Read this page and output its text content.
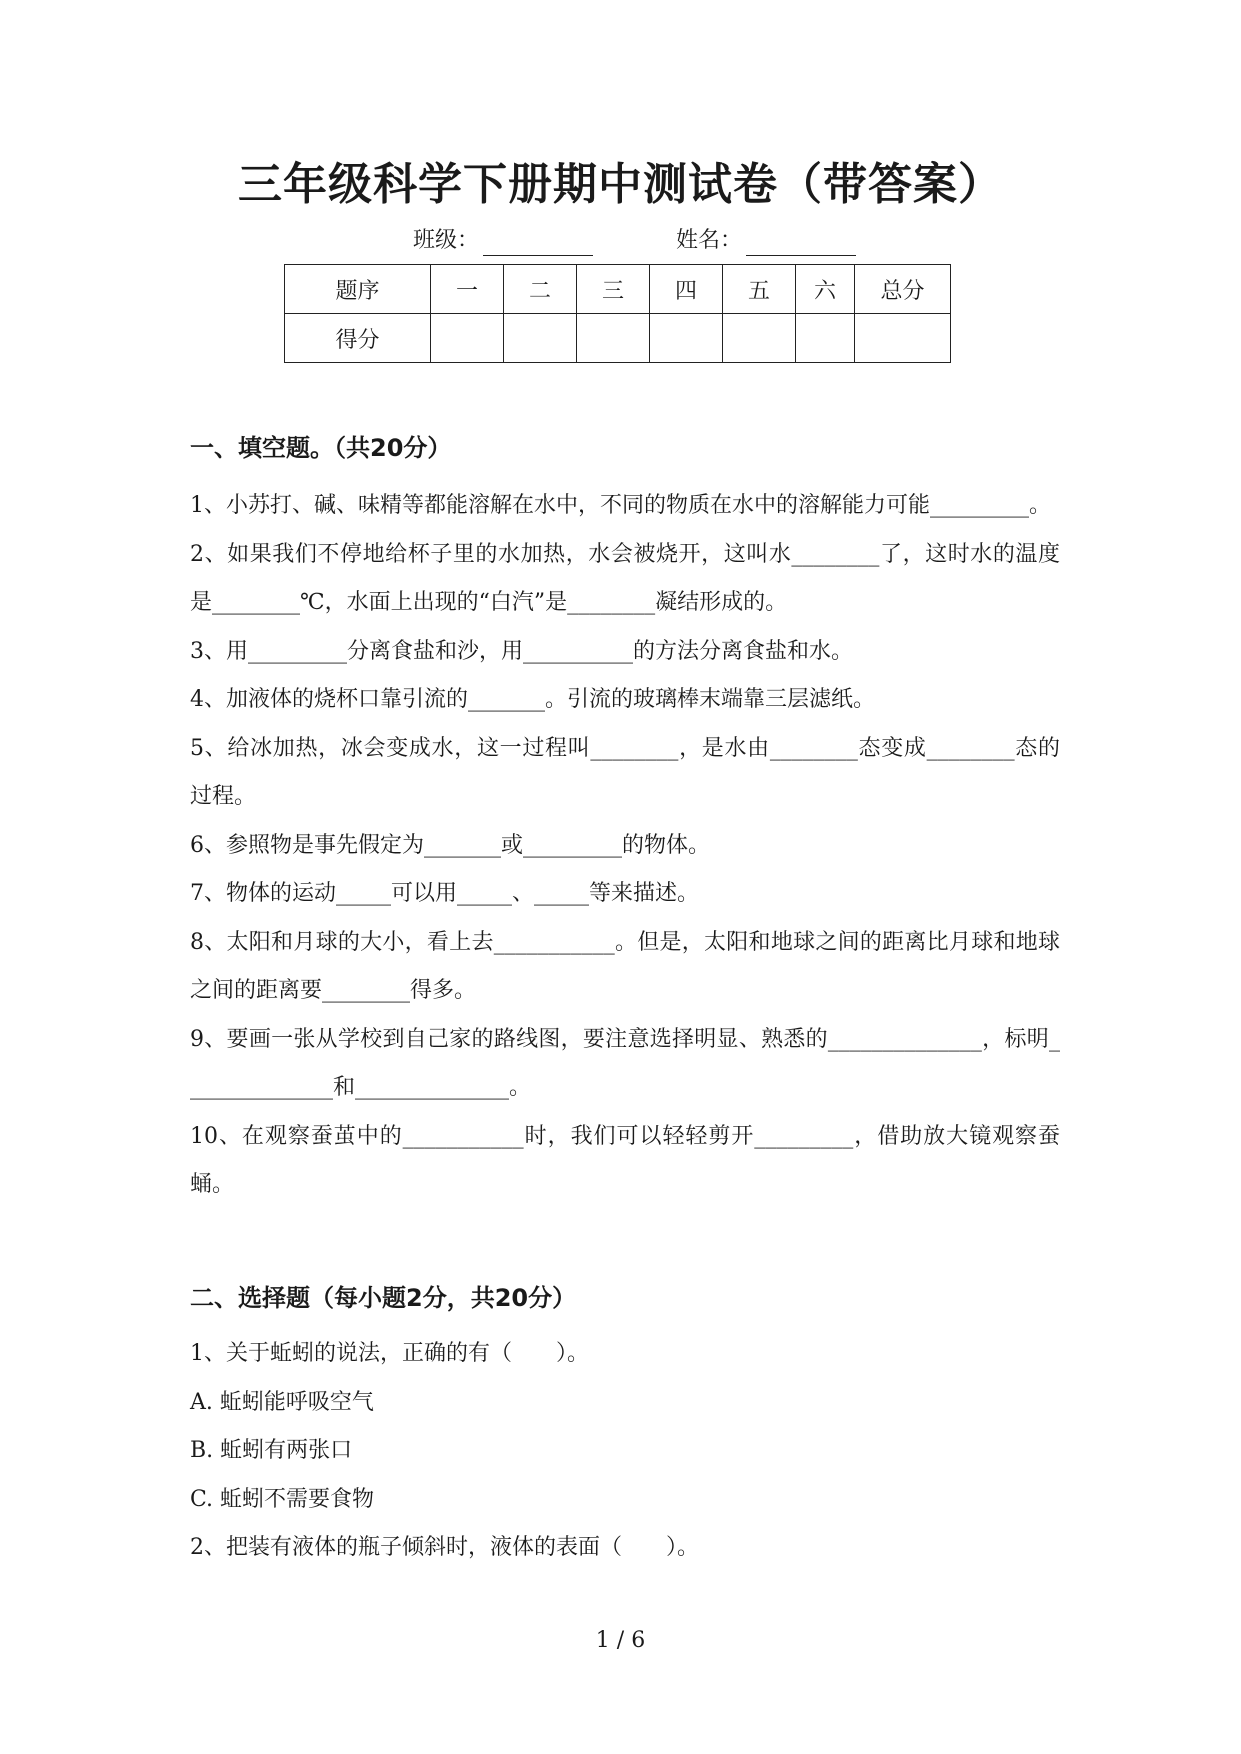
三年级科学下册期中测试卷（带答案）
班级：	姓名：
题序	一	二	三	四	五	六	总分
得分							
一、填空题。（共20分）

1、小苏打、碱、味精等都能溶解在水中，不同的物质在水中的溶解能力可能_________。

2、如果我们不停地给杯子里的水加热，水会被烧开，这叫水________了，这时水的温度是________℃，水面上出现的“白汽”是________凝结形成的。

3、用_________分离食盐和沙，用__________的方法分离食盐和水。

4、加液体的烧杯口靠引流的_______。引流的玻璃棒末端靠三层滤纸。

5、给冰加热，冰会变成水，这一过程叫________，是水由________态变成________态的过程。

6、参照物是事先假定为_______或_________的物体。

7、物体的运动_____可以用_____、_____等来描述。

8、太阳和月球的大小，看上去___________。但是，太阳和地球之间的距离比月球和地球之间的距离要________得多。

9、要画一张从学校到自己家的路线图，要注意选择明显、熟悉的______________，标明______________和______________。

10、在观察蚕茧中的___________时，我们可以轻轻剪开_________，借助放大镜观察蚕蛹。

二、选择题（每小题2分，共20分）

1、关于蚯蚓的说法，正确的有（　　）。

A. 蚯蚓能呼吸空气

B. 蚯蚓有两张口

C. 蚯蚓不需要食物

2、把装有液体的瓶子倾斜时，液体的表面（　　）。

1 / 6
